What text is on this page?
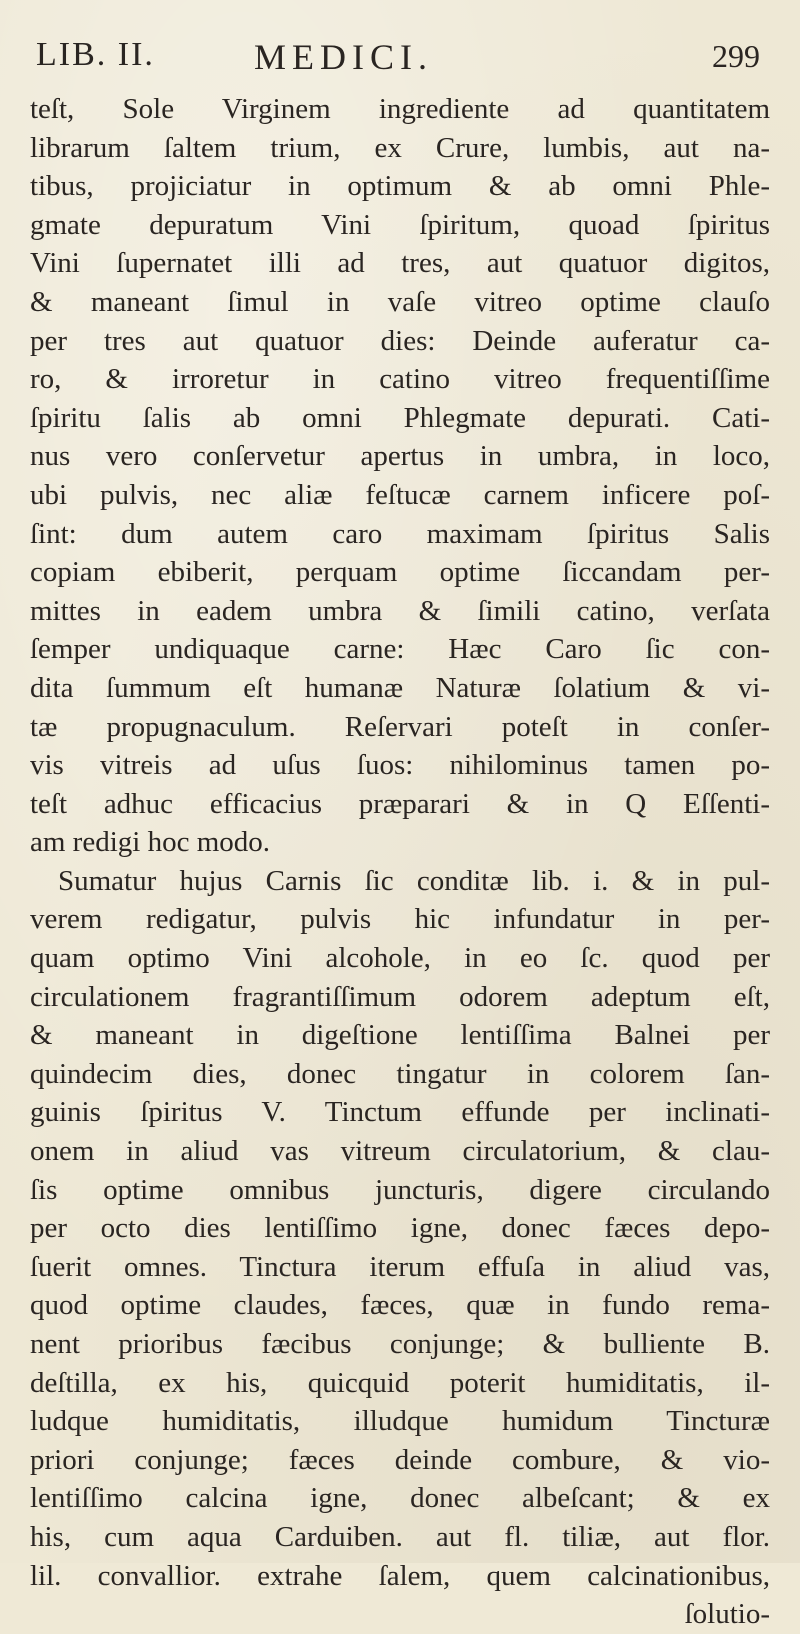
LIB. II.	MEDICI.	299
teſt, Sole Virginem ingrediente ad quantitatem
librarum ſaltem trium, ex Crure, lumbis, aut na-
tibus, projiciatur in optimum & ab omni Phle-
gmate depuratum Vini ſpiritum, quoad ſpiritus
Vini ſupernatet illi ad tres, aut quatuor digitos,
& maneant ſimul in vaſe vitreo optime clauſo
per tres aut quatuor dies: Deinde auferatur ca-
ro, & irroretur in catino vitreo frequentiſſime
ſpiritu ſalis ab omni Phlegmate depurati. Cati-
nus vero conſervetur apertus in umbra, in loco,
ubi pulvis, nec aliæ feſtucæ carnem inficere poſ-
ſint: dum autem caro maximam ſpiritus Salis
copiam ebiberit, perquam optime ſiccandam per-
mittes in eadem umbra & ſimili catino, verſata
ſemper undiquaque carne: Hæc Caro ſic con-
dita ſummum eſt humanæ Naturæ ſolatium & vi-
tæ propugnaculum. Reſervari poteſt in conſer-
vis vitreis ad uſus ſuos: nihilominus tamen po-
teſt adhuc efficacius præparari & in Q Eſſenti-
am redigi hoc modo.
Sumatur hujus Carnis ſic conditæ lib. i. & in pul-
verem redigatur, pulvis hic infundatur in per-
quam optimo Vini alcohole, in eo ſc. quod per
circulationem fragrantiſſimum odorem adeptum eſt,
& maneant in digeſtione lentiſſima Balnei per
quindecim dies, donec tingatur in colorem ſan-
guinis ſpiritus V. Tinctum effunde per inclinati-
onem in aliud vas vitreum circulatorium, & clau-
ſis optime omnibus juncturis, digere circulando
per octo dies lentiſſimo igne, donec fæces depo-
ſuerit omnes. Tinctura iterum effuſa in aliud vas,
quod optime claudes, fæces, quæ in fundo rema-
nent prioribus fæcibus conjunge; & bulliente B.
deſtilla, ex his, quicquid poterit humiditatis, il-
ludque humiditatis, illudque humidum Tincturæ
priori conjunge; fæces deinde combure, & vio-
lentiſſimo calcina igne, donec albeſcant; & ex
his, cum aqua Carduiben. aut fl. tiliæ, aut flor.
lil. convallior. extrahe ſalem, quem calcinationibus,
ſolutio-
